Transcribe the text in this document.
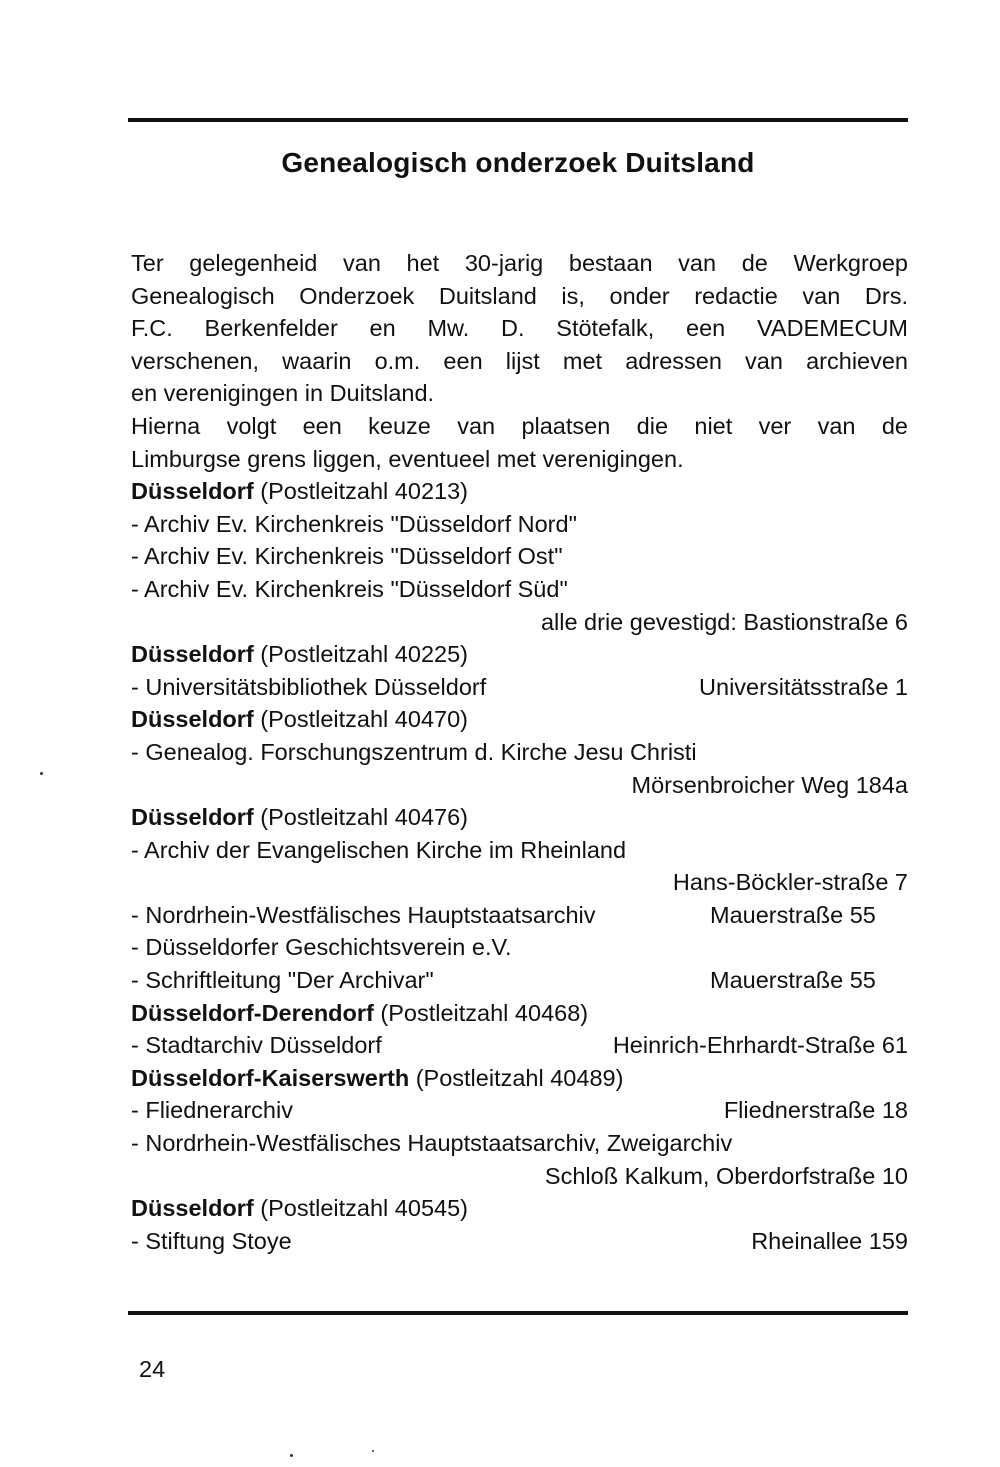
Genealogisch onderzoek Duitsland
Ter gelegenheid van het 30-jarig bestaan van de Werkgroep
Genealogisch Onderzoek Duitsland is, onder redactie van Drs.
F.C. Berkenfelder en Mw. D. Stötefalk, een VADEMECUM
verschenen, waarin o.m. een lijst met adressen van archieven
en verenigingen in Duitsland.
Hierna volgt een keuze van plaatsen die niet ver van de
Limburgse grens liggen, eventueel met verenigingen.
Düsseldorf (Postleitzahl 40213)
- Archiv Ev. Kirchenkreis "Düsseldorf Nord"
- Archiv Ev. Kirchenkreis "Düsseldorf Ost"
- Archiv Ev. Kirchenkreis "Düsseldorf Süd"
alle drie gevestigd: Bastionstraße 6
Düsseldorf (Postleitzahl 40225)
- Universitätsbibliothek Düsseldorf	Universitätsstraße 1
Düsseldorf (Postleitzahl 40470)
- Genealog. Forschungszentrum d. Kirche Jesu Christi
Mörsenbroicher Weg 184a
Düsseldorf (Postleitzahl 40476)
- Archiv der Evangelischen Kirche im Rheinland
Hans-Böckler-straße 7
- Nordrhein-Westfälisches Hauptstaatsarchiv	Mauerstraße 55
- Düsseldorfer Geschichtsverein e.V.
- Schriftleitung "Der Archivar"	Mauerstraße 55
Düsseldorf-Derendorf (Postleitzahl 40468)
- Stadtarchiv Düsseldorf	Heinrich-Ehrhardt-Straße 61
Düsseldorf-Kaiserswerth (Postleitzahl 40489)
- Fliednerarchiv	Fliednerstraße 18
- Nordrhein-Westfälisches Hauptstaatsarchiv, Zweigarchiv
Schloß Kalkum, Oberdorfstraße 10
Düsseldorf (Postleitzahl 40545)
- Stiftung Stoye	Rheinallee 159
24
